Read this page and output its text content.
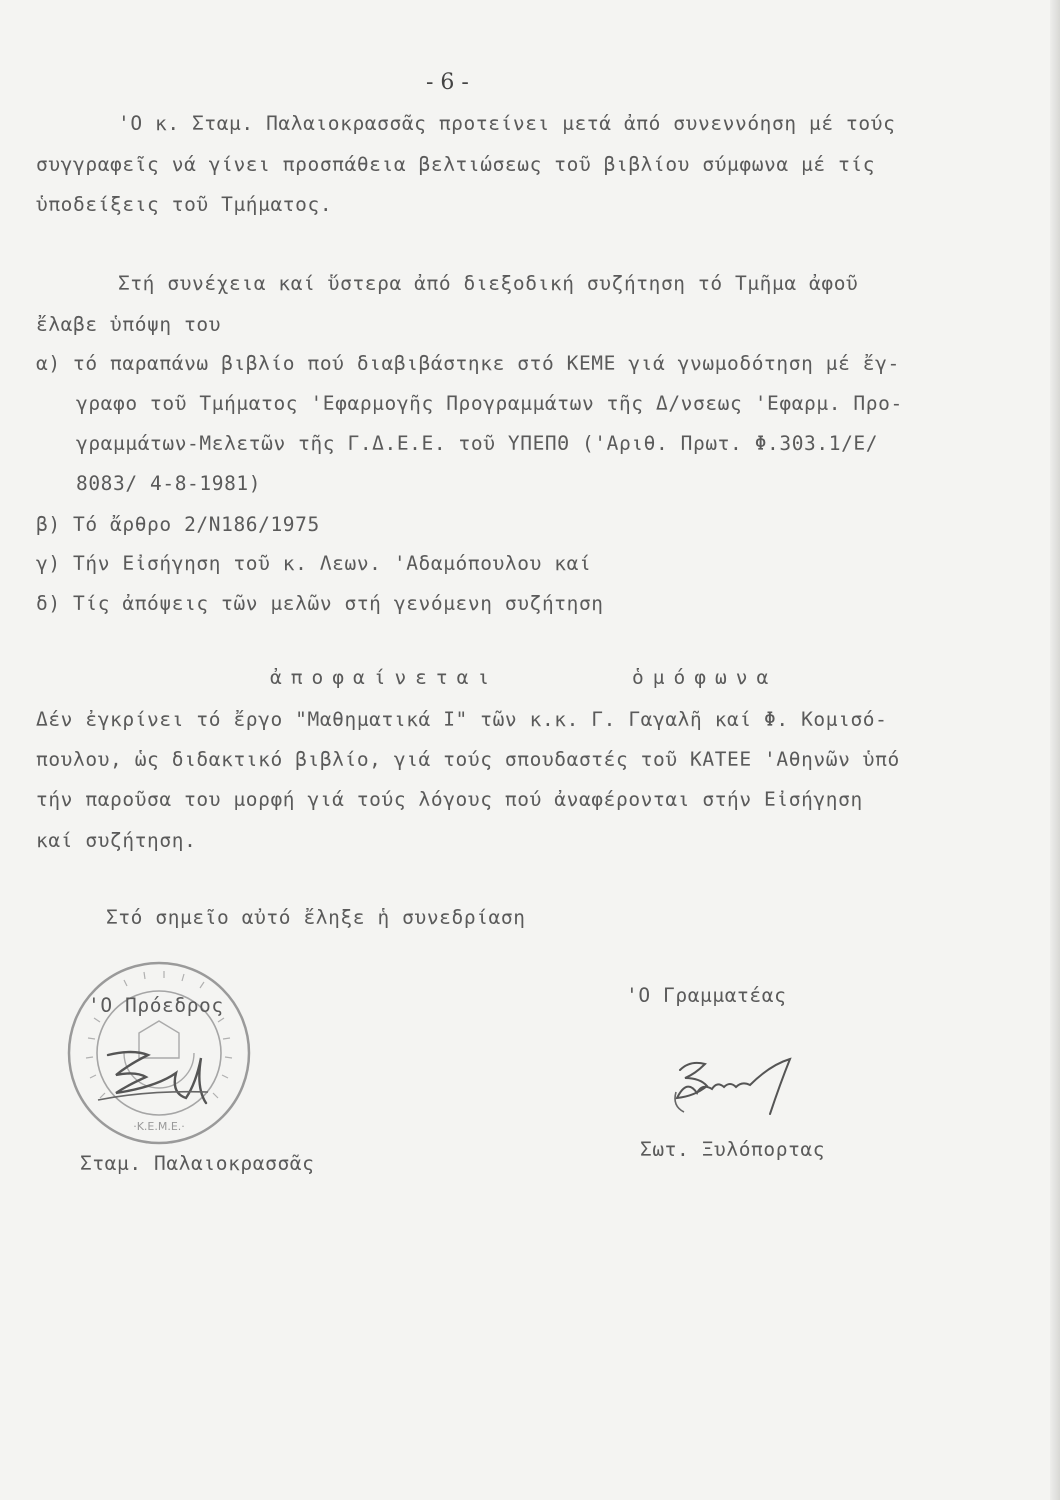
- 6 -
'Ο κ. Σταμ. Παλαιοκρασσᾶς προτείνει μετά ἀπό συνεννόηση μέ τούς
συγγραφεῖς νά γίνει προσπάθεια βελτιώσεως τοῦ βιβλίου σύμφωνα μέ τίς
ὑποδείξεις τοῦ Τμήματος.
Στή συνέχεια καί ὕστερα ἀπό διεξοδική συζήτηση τό Τμῆμα ἀφοῦ
ἔλαβε ὑπόψη του
α) τό παραπάνω βιβλίο πού διαβιβάστηκε στό ΚΕΜΕ γιά γνωμοδότηση μέ ἔγ-
γραφο τοῦ Τμήματος 'Εφαρμογῆς Προγραμμάτων τῆς Δ/νσεως 'Εφαρμ. Προ-
γραμμάτων-Μελετῶν τῆς Γ.Δ.Ε.Ε. τοῦ ΥΠΕΠΘ ('Αριθ. Πρωτ. Φ.303.1/Ε/
8083/ 4-8-1981)
β) Τό ἄρθρο 2/Ν186/1975
γ) Τήν Εἰσήγηση τοῦ κ. Λεων. 'Αδαμόπουλου καί
δ) Τίς ἀπόψεις τῶν μελῶν στή γενόμενη συζήτηση
ἀποφαίνεται	ὁμόφωνα
Δέν ἐγκρίνει τό ἔργο "Μαθηματικά Ι" τῶν κ.κ. Γ. Γαγαλῆ καί Φ. Κομισό-
πουλου, ὡς διδακτικό βιβλίο, γιά τούς σπουδαστές τοῦ ΚΑΤΕΕ 'Αθηνῶν ὑπό
τήν παροῦσα του μορφή γιά τούς λόγους πού ἀναφέρονται στήν Εἰσήγηση
καί συζήτηση.
Στό σημεῖο αὐτό ἔληξε ἡ συνεδρίαση
·Κ.Ε.Μ.Ε.·
'Ο Πρόεδρος	'Ο Γραμματέας
Σταμ. Παλαιοκρασσᾶς
Σωτ. Ξυλόπορτας
